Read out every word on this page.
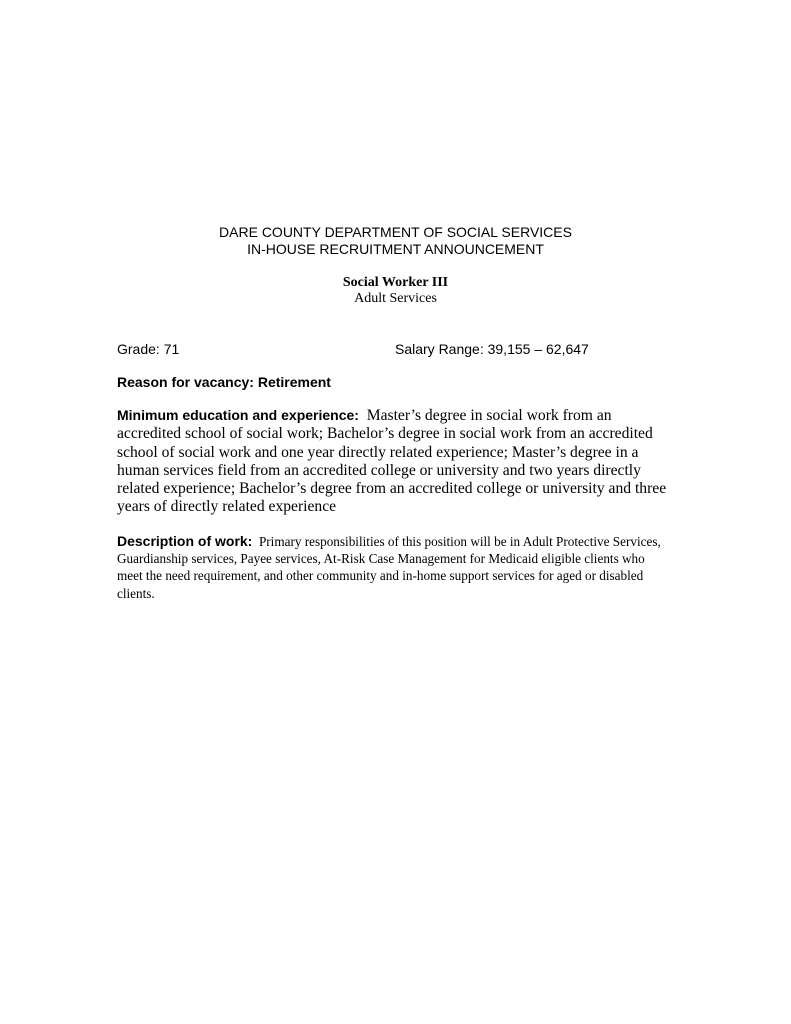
DARE COUNTY DEPARTMENT OF SOCIAL SERVICES
IN-HOUSE RECRUITMENT ANNOUNCEMENT
Social Worker III
Adult Services
Grade: 71	Salary Range: 39,155 – 62,647
Reason for vacancy: Retirement
Minimum education and experience: Master’s degree in social work from an accredited school of social work; Bachelor’s degree in social work from an accredited school of social work and one year directly related experience; Master’s degree in a human services field from an accredited college or university and two years directly related experience; Bachelor’s degree from an accredited college or university and three years of directly related experience
Description of work: Primary responsibilities of this position will be in Adult Protective Services, Guardianship services, Payee services, At-Risk Case Management for Medicaid eligible clients who meet the need requirement, and other community and in-home support services for aged or disabled clients.
